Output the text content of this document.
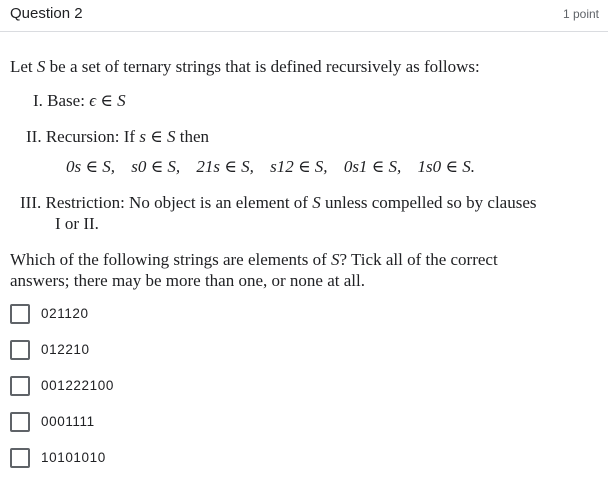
Question 2	1 point
Let S be a set of ternary strings that is defined recursively as follows:
I. Base: ϵ ∈ S
II. Recursion: If s ∈ S then
0s ∈ S, s0 ∈ S, 21s ∈ S, s12 ∈ S, 0s1 ∈ S, 1s0 ∈ S.
III. Restriction: No object is an element of S unless compelled so by clauses
I or II.
Which of the following strings are elements of S? Tick all of the correct
answers; there may be more than one, or none at all.
021120
012210
001222100
0001111
10101010
